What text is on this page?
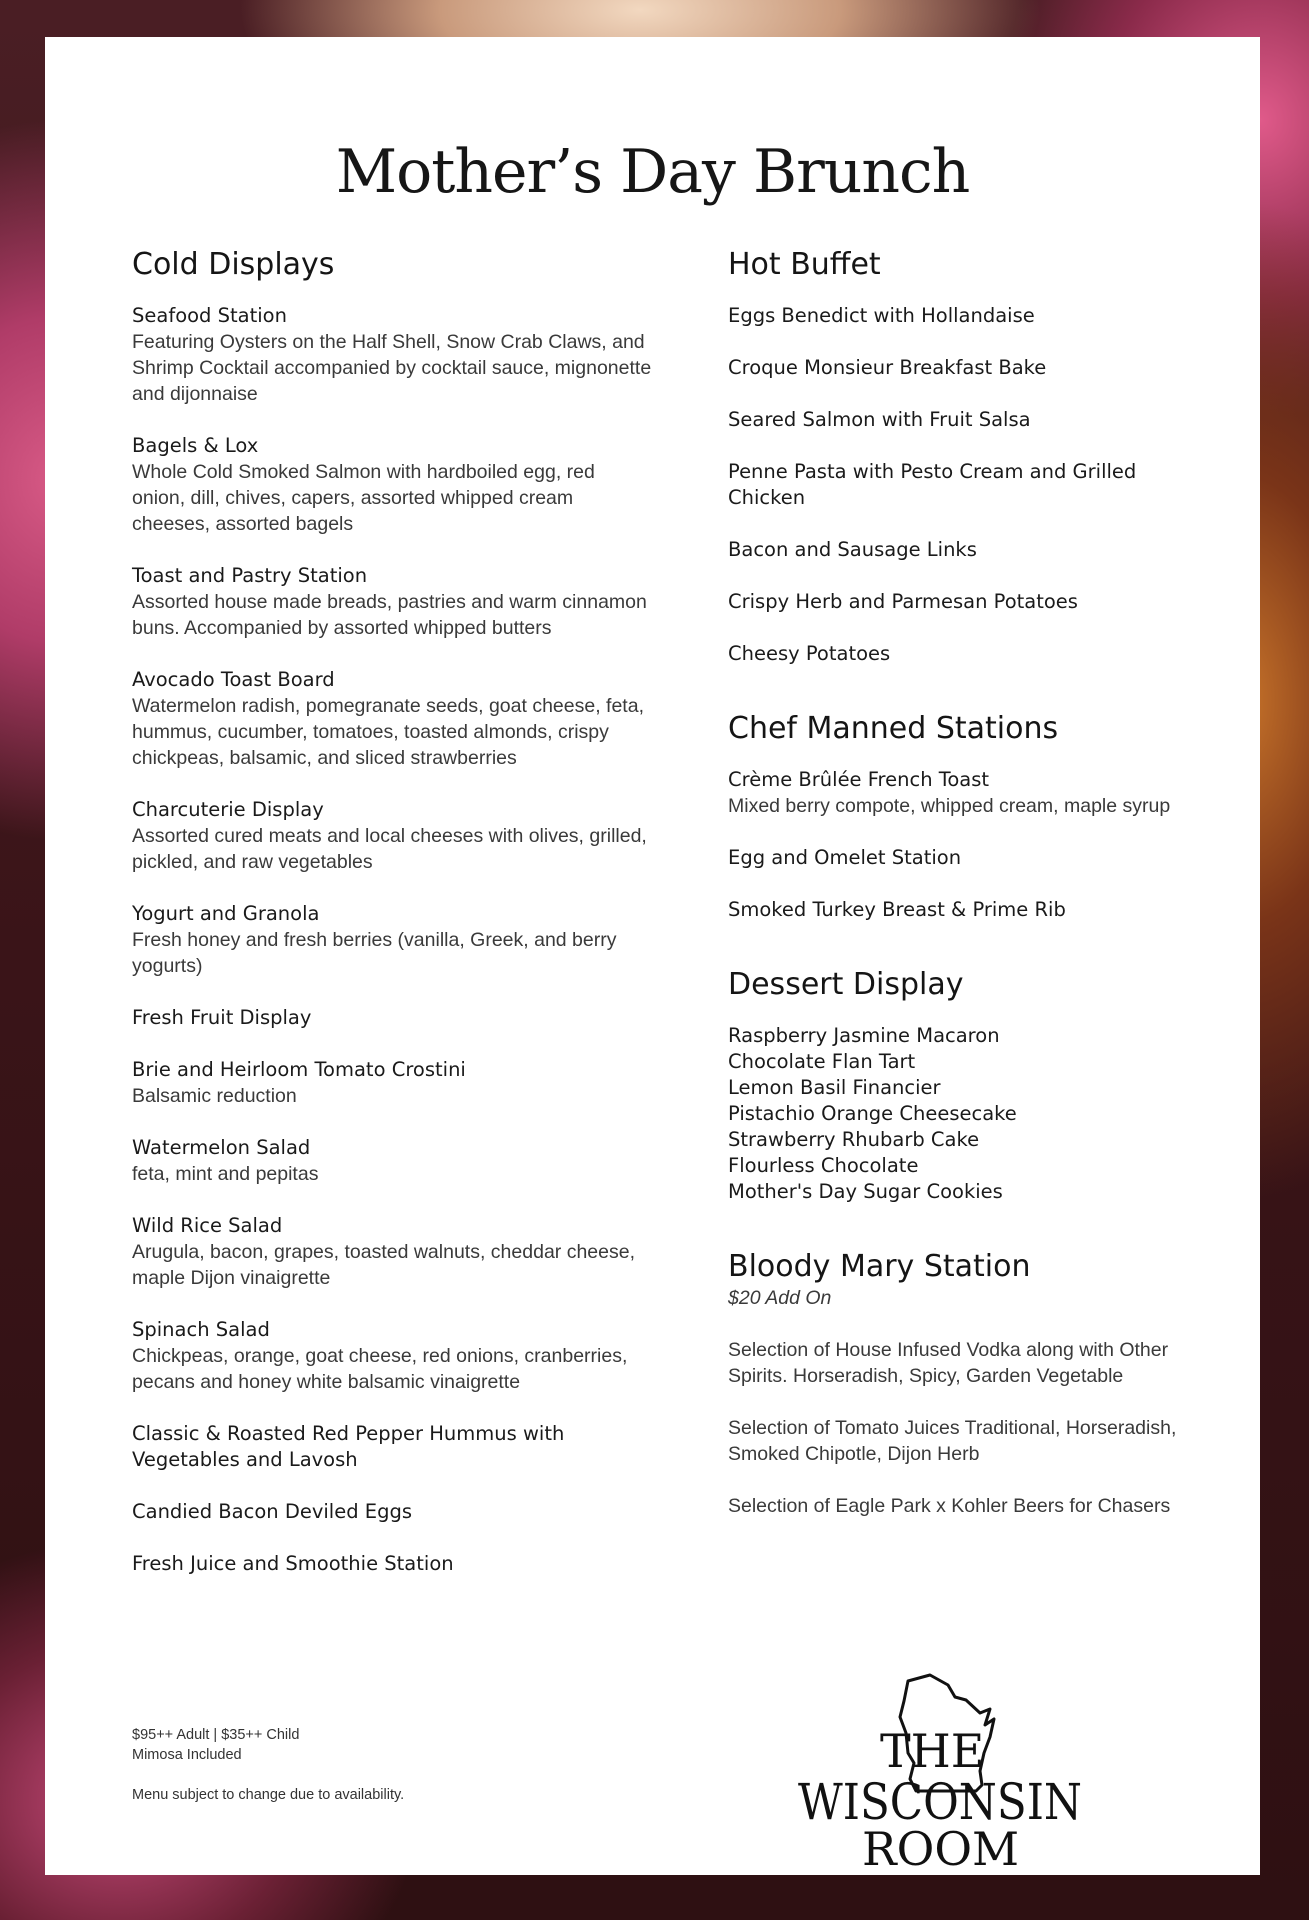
Mother’s Day Brunch
Cold Displays
Seafood Station
Featuring Oysters on the Half Shell, Snow Crab Claws, and Shrimp Cocktail accompanied by cocktail sauce, mignonette and dijonnaise
Bagels & Lox
Whole Cold Smoked Salmon with hardboiled egg, red onion, dill, chives, capers, assorted whipped cream cheeses, assorted bagels
Toast and Pastry Station
Assorted house made breads, pastries and warm cinnamon buns. Accompanied by assorted whipped butters
Avocado Toast Board
Watermelon radish, pomegranate seeds, goat cheese, feta, hummus, cucumber, tomatoes, toasted almonds, crispy chickpeas, balsamic, and sliced strawberries
Charcuterie Display
Assorted cured meats and local cheeses with olives, grilled, pickled, and raw vegetables
Yogurt and Granola
Fresh honey and fresh berries (vanilla, Greek, and berry yogurts)
Fresh Fruit Display
Brie and Heirloom Tomato Crostini
Balsamic reduction
Watermelon Salad
feta, mint and pepitas
Wild Rice Salad
Arugula, bacon, grapes, toasted walnuts, cheddar cheese, maple Dijon vinaigrette
Spinach Salad
Chickpeas, orange, goat cheese, red onions, cranberries, pecans and honey white balsamic vinaigrette
Classic & Roasted Red Pepper Hummus with Vegetables and Lavosh
Candied Bacon Deviled Eggs
Fresh Juice and Smoothie Station
Hot Buffet
Eggs Benedict with Hollandaise
Croque Monsieur Breakfast Bake
Seared Salmon with Fruit Salsa
Penne Pasta with Pesto Cream and Grilled Chicken
Bacon and Sausage Links
Crispy Herb and Parmesan Potatoes
Cheesy Potatoes
Chef Manned Stations
Crème Brûlée French Toast
Mixed berry compote, whipped cream, maple syrup
Egg and Omelet Station
Smoked Turkey Breast & Prime Rib
Dessert Display
Raspberry Jasmine Macaron
Chocolate Flan Tart
Lemon Basil Financier
Pistachio Orange Cheesecake
Strawberry Rhubarb Cake
Flourless Chocolate
Mother's Day Sugar Cookies
Bloody Mary Station
$20 Add On
Selection of House Infused Vodka along with Other Spirits. Horseradish, Spicy, Garden Vegetable
Selection of Tomato Juices Traditional, Horseradish, Smoked Chipotle, Dijon Herb
Selection of Eagle Park x Kohler Beers for Chasers
$95++ Adult | $35++ Child
Mimosa Included
Menu subject to change due to availability.
THE
WISCONSIN
ROOM
